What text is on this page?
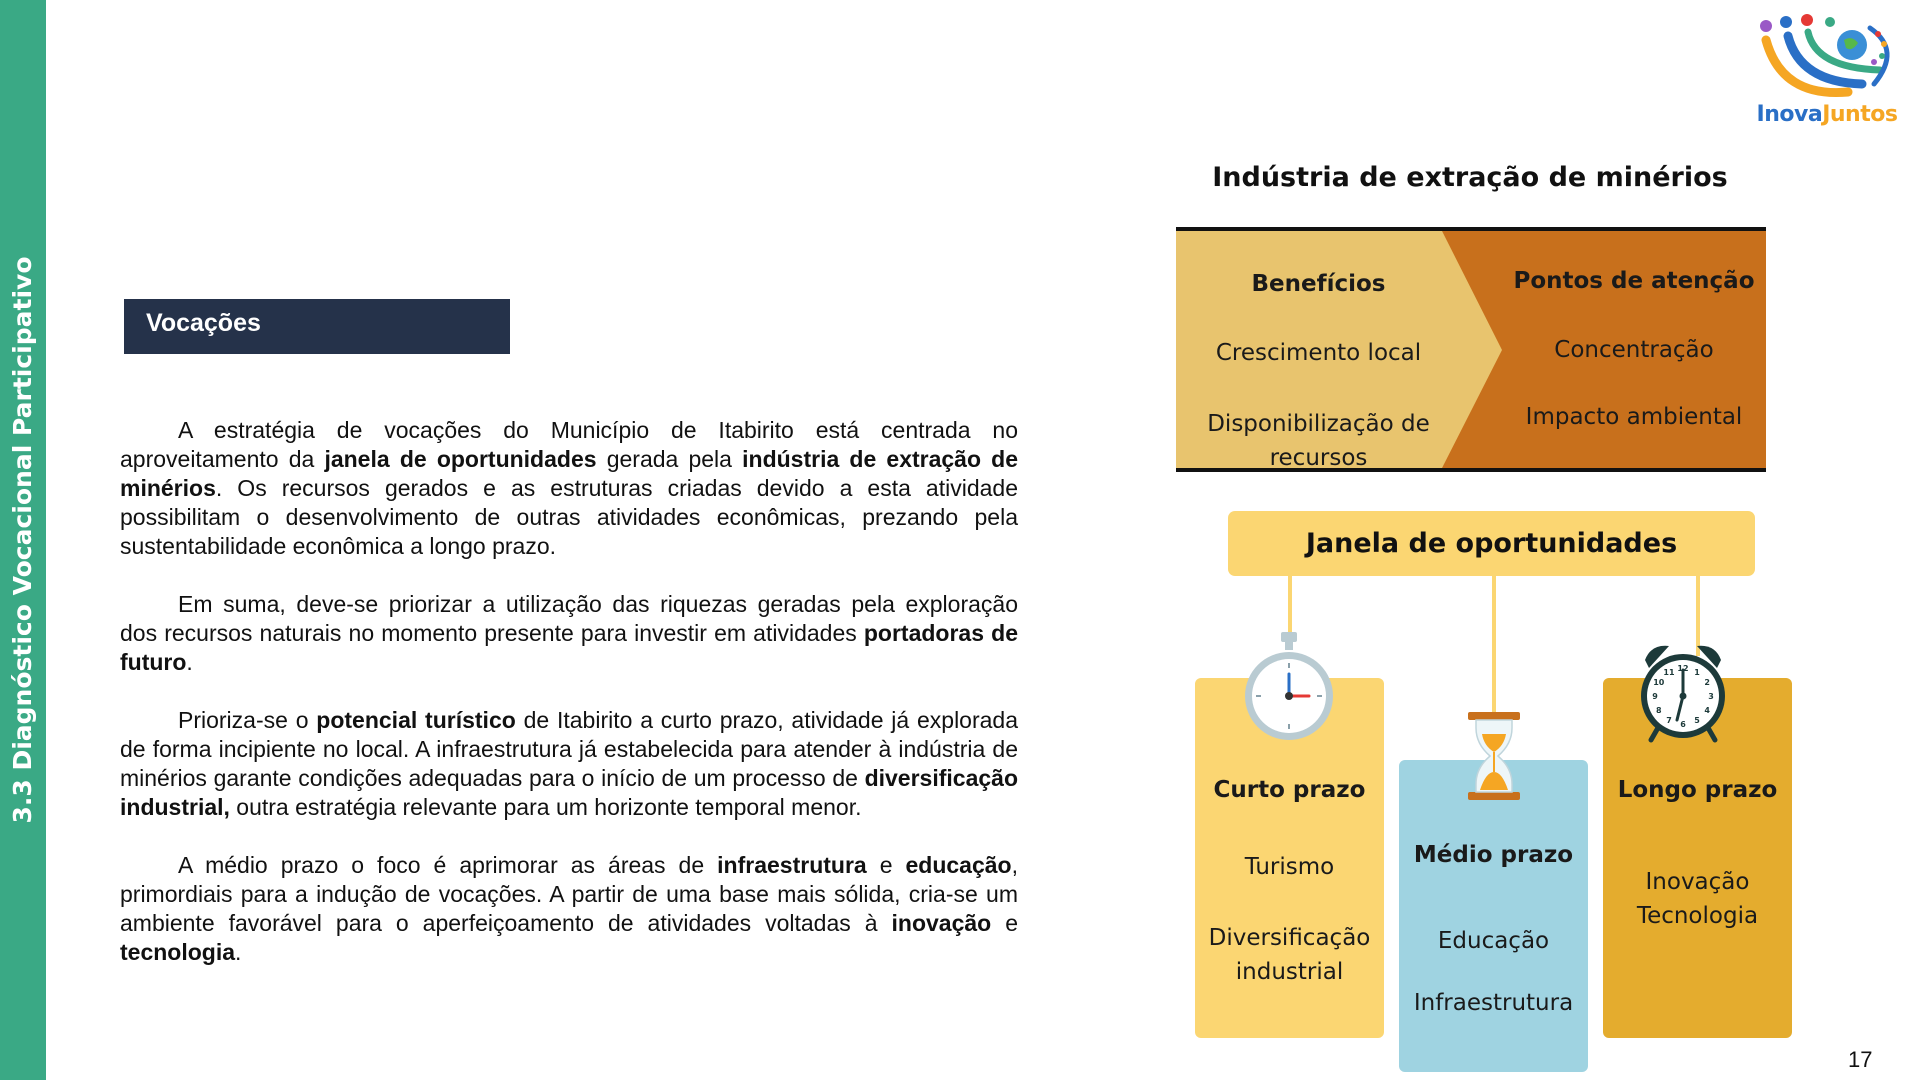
3.3 Diagnóstico Vocacional Participativo
InovaJuntos
Vocações

A estratégia de vocações do Município de Itabirito está centrada no aproveitamento da janela de oportunidades gerada pela indústria de extração de minérios. Os recursos gerados e as estruturas criadas devido a esta atividade possibilitam o desenvolvimento de outras atividades econômicas, prezando pela sustentabilidade econômica a longo prazo.

Em suma, deve-se priorizar a utilização das riquezas geradas pela exploração dos recursos naturais no momento presente para investir em atividades portadoras de futuro.

Prioriza-se o potencial turístico de Itabirito a curto prazo, atividade já explorada de forma incipiente no local. A infraestrutura já estabelecida para atender à indústria de minérios garante condições adequadas para o início de um processo de diversificação industrial, outra estratégia relevante para um horizonte temporal menor.

A médio prazo o foco é aprimorar as áreas de infraestrutura e educação, primordiais para a indução de vocações. A partir de uma base mais sólida, cria-se um ambiente favorável para o aperfeiçoamento de atividades voltadas à inovação e tecnologia.

Indústria de extração de minérios
Benefícios
Crescimento local
Disponibilização de
recursos
Pontos de atenção
Concentração
Impacto ambiental
Janela de oportunidades
Curto prazo
Turismo
Diversificação
industrial
Médio prazo
Educação
Infraestrutura
Longo prazo
Inovação
Tecnologia
12 1
2
3
4
5
6
7
8
9
10
11
17
